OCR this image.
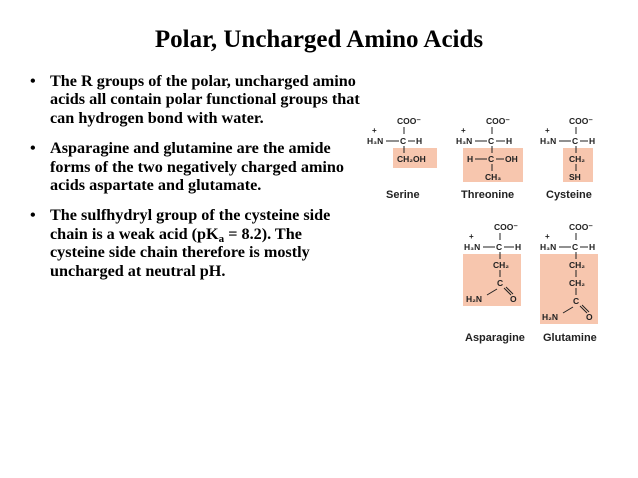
Polar, Uncharged Amino Acids
• The R groups of the polar, uncharged amino acids all contain polar functional groups that can hydrogen bond with water.
• Asparagine and glutamine are the amide forms of the two negatively charged amino acids aspartate and glutamate.
• The sulfhydryl group of the cysteine side chain is a weak acid $(pK_a = 8.2)$. The cysteine side chain therefore is mostly uncharged at neutral pH.
COO⁻
+
H₃N C H
CH₂OH
Serine
COO⁻
+
H₃N C H
H C OH
CH₃
Threonine
COO⁻
+
H₃N C H
CH₂
SH
Cysteine
COO⁻
+
H₃N C H
CH₂
C
H₂N	O
Asparagine
COO⁻
+
H₃N C H
CH₂
CH₂
C
H₂N	O
Glutamine
